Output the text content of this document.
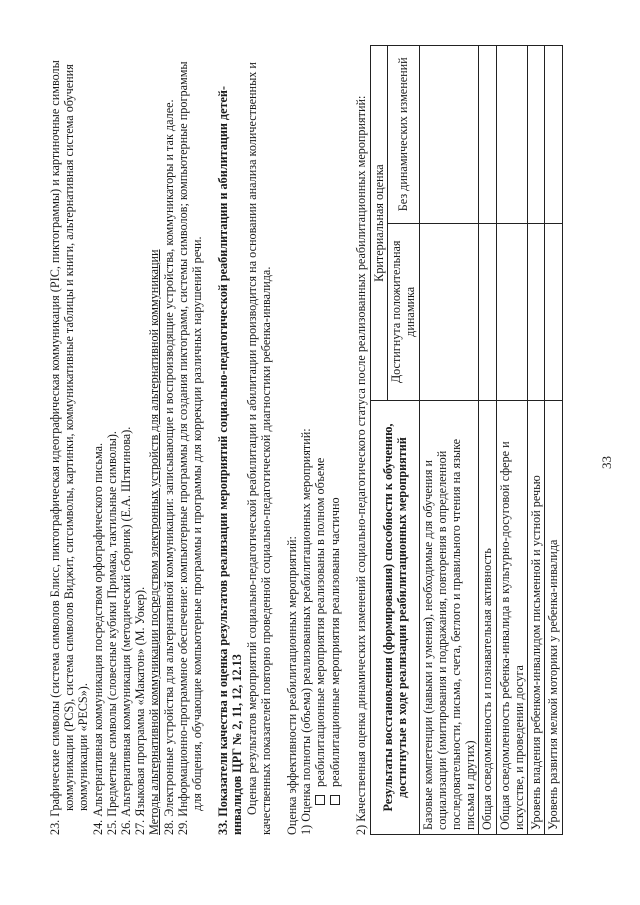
33

23. Графические символы (система символов Блисс, пиктографическая идеографическая коммуникация (PIC, пиктограммы) и картиночные символы коммуникации (PCS), система символов Виджит, сигсимволы, картинки, коммуникативные таблицы и книги, альтернативная система обучения коммуникации «PECS»).

24. Альтернативная коммуникация посредством орфографического письма.

25. Предметные символы (словесные кубики Примака, тактильные символы).

26. Альтернативная коммуникация (методический сборник) (Е.А. Штягинова).

27. Языковая программа «Макатон» (М. Уокер). Методы альтернативной коммуникации посредством электронных устройств для альтернативной коммуникации 28. Электронные устройства для альтернативной коммуникации: записывающие и воспроизводящие устройства, коммуникаторы и так далее.

29. Информационно-программное обеспечение: компьютерные программы для создания пиктограмм, системы символов; компьютерные программы для общения, обучающие компьютерные программы и программы для коррекции различных нарушений речи. 33. Показатели качества и оценка результатов реализации мероприятий социально-педагогической реабилитации и абилитации детей-инвалидов ЦРГ № 2, 11, 12, 12.13 Оценка результатов мероприятий социально-педагогической реабилитации и абилитации производится на основании анализа количественных и качественных показателей повторно проведенной социально-педагогической диагностики ребенка-инвалида. Оценка эффективности реабилитационных мероприятий: 1) Оценка полноты (объема) реализованных реабилитационных мероприятий: реабилитационные мероприятия реализованы в полном объеме реабилитационные мероприятия реализованы частично 2) Качественная оценка динамических изменений социально-педагогического статуса после реализованных реабилитационных мероприятий: Результаты восстановления (формирования) способности к обучению, достигнутые в ходе реализации реабилитационных мероприятий	Критериальная оценка	
	Достигнута положительная динамика	Без динамических изменений
Базовые компетенции (навыки и умения), необходимые для обучения и социализации (имитирования и подражания, повторения в определенной последовательности, письма, счета, беглого и правильного чтения на языке письма и других)		
Общая осведомленность и познавательная активность		
Общая осведомленность ребенка-инвалида в культурно-досуговой сфере и искусстве, и проведении досуга		
Уровень владения ребенком-инвалидом письменной и устной речью		
Уровень развития мелкой моторики у ребенка-инвалида		
